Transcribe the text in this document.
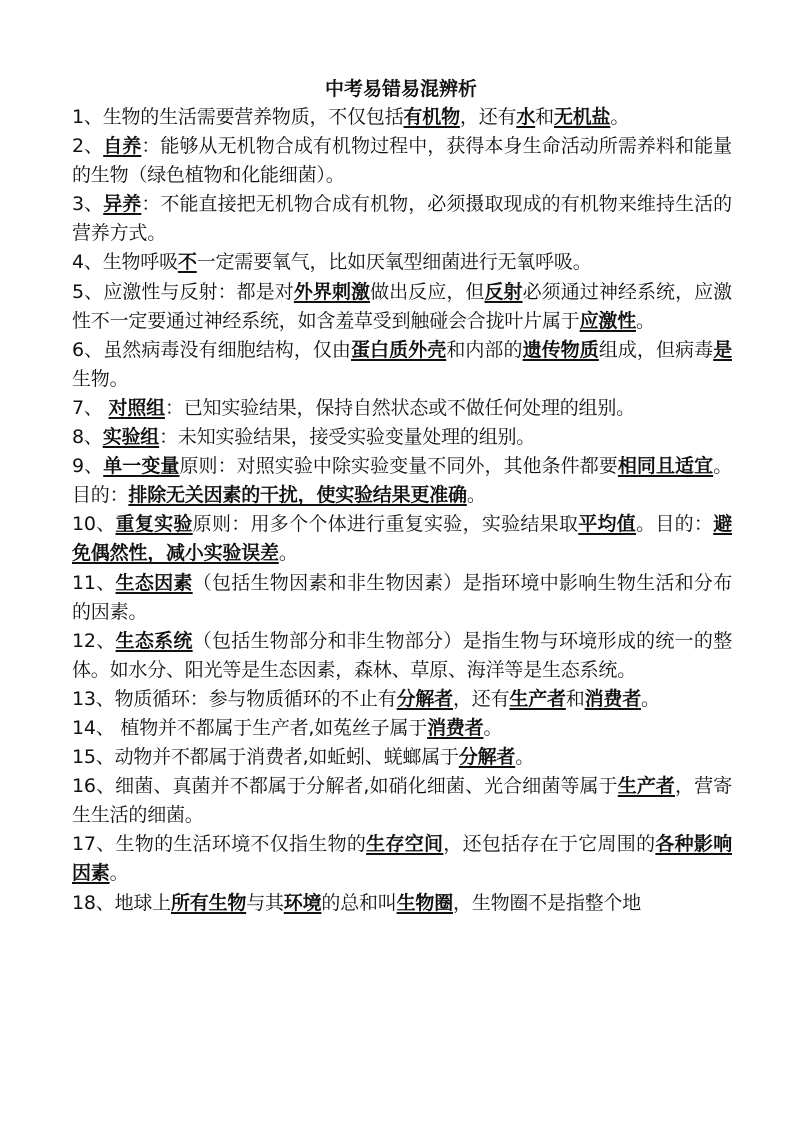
中考易错易混辨析

1、生物的生活需要营养物质，不仅包括有机物，还有水和无机盐。

2、自养：能够从无机物合成有机物过程中，获得本身生命活动所需养料和能量的生物（绿色植物和化能细菌）。

3、异养：不能直接把无机物合成有机物，必须摄取现成的有机物来维持生活的营养方式。

4、生物呼吸不一定需要氧气，比如厌氧型细菌进行无氧呼吸。

5、应激性与反射：都是对外界刺激做出反应，但反射必须通过神经系统，应激性不一定要通过神经系统，如含羞草受到触碰会合拢叶片属于应激性。

6、虽然病毒没有细胞结构，仅由蛋白质外壳和内部的遗传物质组成，但病毒是生物。

7、 对照组：已知实验结果，保持自然状态或不做任何处理的组别。

8、实验组：未知实验结果，接受实验变量处理的组别。

9、单一变量原则：对照实验中除实验变量不同外，其他条件都要相同且适宜。目的：排除无关因素的干扰，使实验结果更准确。

10、重复实验原则：用多个个体进行重复实验，实验结果取平均值。目的：避免偶然性，减小实验误差。

11、生态因素（包括生物因素和非生物因素）是指环境中影响生物生活和分布的因素。

12、生态系统（包括生物部分和非生物部分）是指生物与环境形成的统一的整体。如水分、阳光等是生态因素，森林、草原、海洋等是生态系统。

13、物质循环：参与物质循环的不止有分解者，还有生产者和消费者。

14、 植物并不都属于生产者,如菟丝子属于消费者。

15、动物并不都属于消费者,如蚯蚓、蜣螂属于分解者。

16、细菌、真菌并不都属于分解者,如硝化细菌、光合细菌等属于生产者，营寄生生活的细菌。

17、生物的生活环境不仅指生物的生存空间，还包括存在于它周围的各种影响因素。

18、地球上所有生物与其环境的总和叫生物圈，生物圈不是指整个地
